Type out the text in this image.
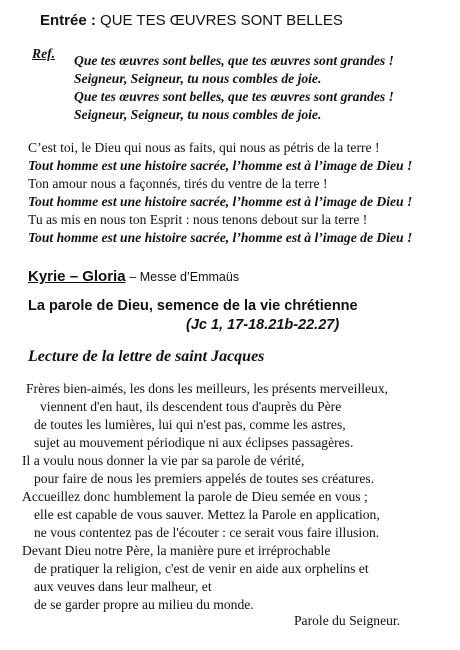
Entrée : QUE TES ŒUVRES SONT BELLES
Ref. Que tes œuvres sont belles, que tes œuvres sont grandes !
Seigneur, Seigneur, tu nous combles de joie.
Que tes œuvres sont belles, que tes œuvres sont grandes !
Seigneur, Seigneur, tu nous combles de joie.
C’est toi, le Dieu qui nous as faits, qui nous as pétris de la terre !
Tout homme est une histoire sacrée, l’homme est à l’image de Dieu !
Ton amour nous a façonnés, tirés du ventre de la terre !
Tout homme est une histoire sacrée, l’homme est à l’image de Dieu !
Tu as mis en nous ton Esprit : nous tenons debout sur la terre !
Tout homme est une histoire sacrée, l’homme est à l’image de Dieu !
Kyrie – Gloria – Messe d’Emmaüs
La parole de Dieu, semence de la vie chrétienne
(Jc 1, 17-18.21b-22.27)
Lecture de la lettre de saint Jacques
Frères bien-aimés, les dons les meilleurs, les présents merveilleux,
viennent d'en haut, ils descendent tous d'auprès du Père
de toutes les lumières, lui qui n'est pas, comme les astres,
sujet au mouvement périodique ni aux éclipses passagères.
Il a voulu nous donner la vie par sa parole de vérité,
pour faire de nous les premiers appelés de toutes ses créatures.
Accueillez donc humblement la parole de Dieu semée en vous ;
elle est capable de vous sauver. Mettez la Parole en application,
ne vous contentez pas de l'écouter : ce serait vous faire illusion.
Devant Dieu notre Père, la manière pure et irréprochable
de pratiquer la religion, c'est de venir en aide aux orphelins et
aux veuves dans leur malheur, et
de se garder propre au milieu du monde.
Parole du Seigneur.
